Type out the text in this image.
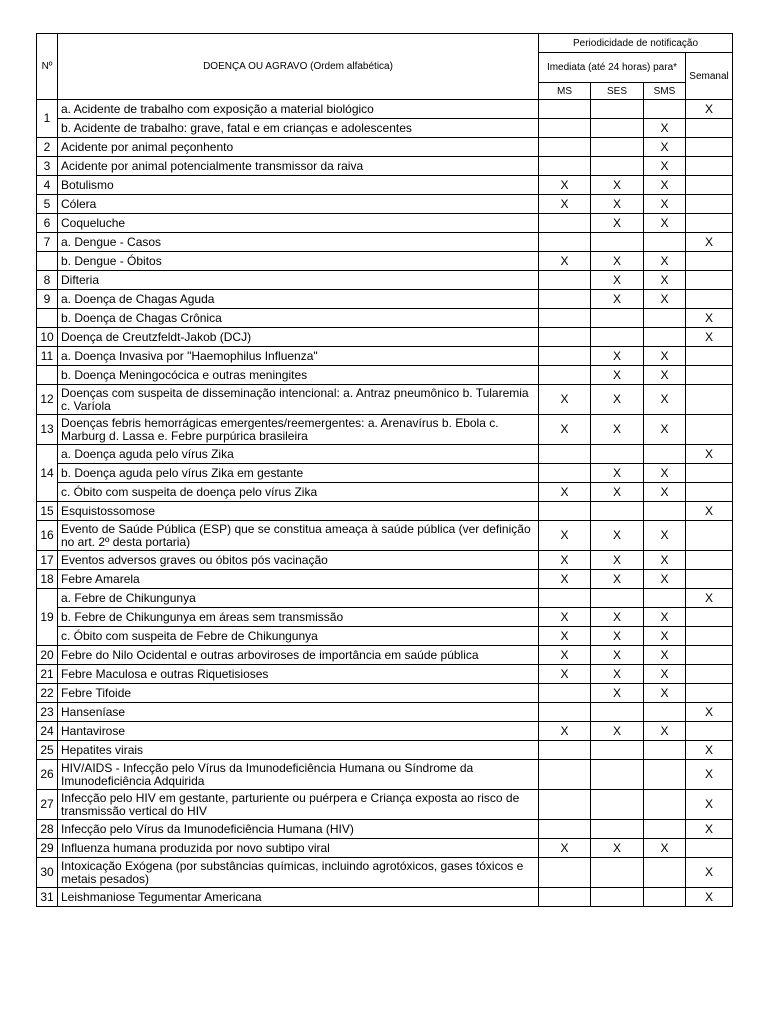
Nº	DOENÇA OU AGRAVO (Ordem alfabética)	Periodicidade de notificação			
		Imediata (até 24 horas) para*			Semanal
		MS	SES	SMS	
1	a. Acidente de trabalho com exposição a material biológico				X
	b. Acidente de trabalho: grave, fatal e em crianças e adolescentes			X	
2	Acidente por animal peçonhento			X	
3	Acidente por animal potencialmente transmissor da raiva			X	
4	Botulismo	X	X	X	
5	Cólera	X	X	X	
6	Coqueluche		X	X	
7	a. Dengue - Casos				X
	b. Dengue - Óbitos	X	X	X	
8	Difteria		X	X	
9	a. Doença de Chagas Aguda		X	X	
	b. Doença de Chagas Crônica				X
10	Doença de Creutzfeldt-Jakob (DCJ)				X
11	a. Doença Invasiva por "Haemophilus Influenza"		X	X	
	b. Doença Meningocócica e outras meningites		X	X	
12	Doenças com suspeita de disseminação intencional: a. Antraz pneumônico b. Tularemia c. Varíola	X	X	X	
13	Doenças febris hemorrágicas emergentes/reemergentes: a. Arenavírus b. Ebola c. Marburg d. Lassa e. Febre purpúrica brasileira	X	X	X	
14	a. Doença aguda pelo vírus Zika				X
	b. Doença aguda pelo vírus Zika em gestante		X	X	
	c. Óbito com suspeita de doença pelo vírus Zika	X	X	X	
15	Esquistossomose				X
16	Evento de Saúde Pública (ESP) que se constitua ameaça à saúde pública (ver definição no art. 2º desta portaria)	X	X	X	
17	Eventos adversos graves ou óbitos pós vacinação	X	X	X	
18	Febre Amarela	X	X	X	
19	a. Febre de Chikungunya				X
	b. Febre de Chikungunya em áreas sem transmissão	X	X	X	
	c. Óbito com suspeita de Febre de Chikungunya	X	X	X	
20	Febre do Nilo Ocidental e outras arboviroses de importância em saúde pública	X	X	X	
21	Febre Maculosa e outras Riquetisioses	X	X	X	
22	Febre Tifoide		X	X	
23	Hanseníase				X
24	Hantavirose	X	X	X	
25	Hepatites virais				X
26	HIV/AIDS - Infecção pelo Vírus da Imunodeficiência Humana ou Síndrome da Imunodeficiência Adquirida				X
27	Infecção pelo HIV em gestante, parturiente ou puérpera e Criança exposta ao risco de transmissão vertical do HIV				X
28	Infecção pelo Vírus da Imunodeficiência Humana (HIV)				X
29	Influenza humana produzida por novo subtipo viral	X	X	X	
30	Intoxicação Exógena (por substâncias químicas, incluindo agrotóxicos, gases tóxicos e metais pesados)				X
31	Leishmaniose Tegumentar Americana				X
